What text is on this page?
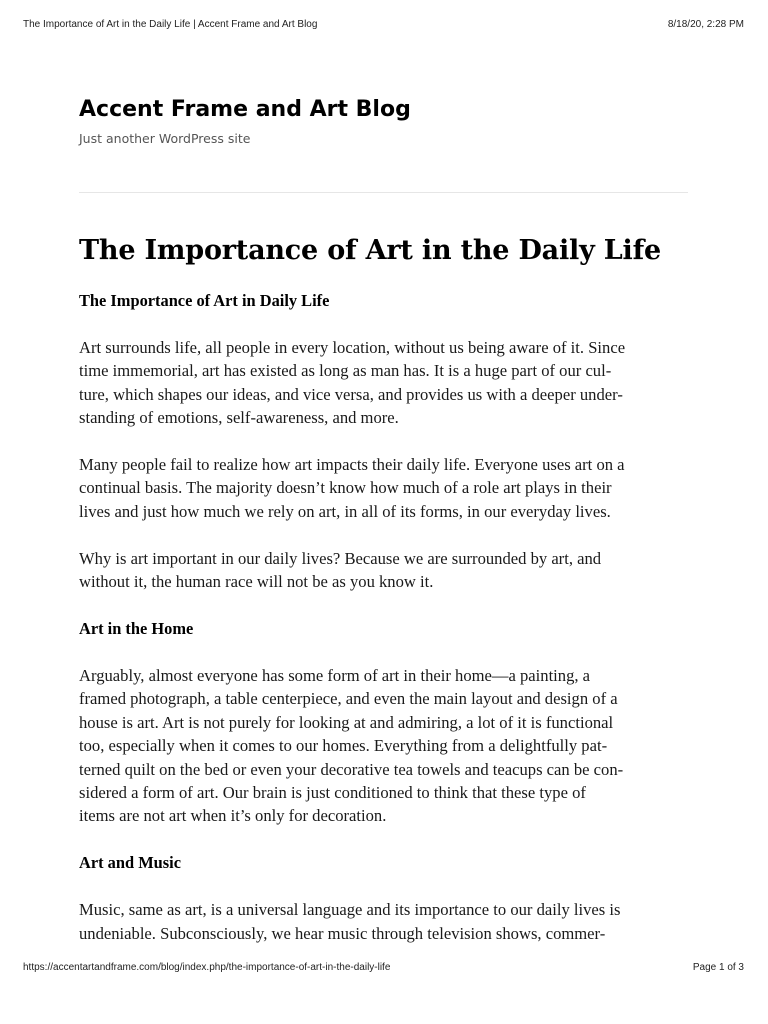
The Importance of Art in the Daily Life | Accent Frame and Art Blog	8/18/20, 2:28 PM
Accent Frame and Art Blog

Just another WordPress site

The Importance of Art in the Daily Life
The Importance of Art in Daily Life

Art surrounds life, all people in every location, without us being aware of it. Since
time immemorial, art has existed as long as man has. It is a huge part of our cul-
ture, which shapes our ideas, and vice versa, and provides us with a deeper under-
standing of emotions, self-awareness, and more.

Many people fail to realize how art impacts their daily life. Everyone uses art on a
continual basis. The majority doesn’t know how much of a role art plays in their
lives and just how much we rely on art, in all of its forms, in our everyday lives.

Why is art important in our daily lives? Because we are surrounded by art, and
without it, the human race will not be as you know it.

Art in the Home

Arguably, almost everyone has some form of art in their home—a painting, a
framed photograph, a table centerpiece, and even the main layout and design of a
house is art. Art is not purely for looking at and admiring, a lot of it is functional
too, especially when it comes to our homes. Everything from a delightfully pat-
terned quilt on the bed or even your decorative tea towels and teacups can be con-
sidered a form of art. Our brain is just conditioned to think that these type of
items are not art when it’s only for decoration.

Art and Music

Music, same as art, is a universal language and its importance to our daily lives is
undeniable. Subconsciously, we hear music through television shows, commer-

https://accentartandframe.com/blog/index.php/the-importance-of-art-in-the-daily-life	Page 1 of 3
